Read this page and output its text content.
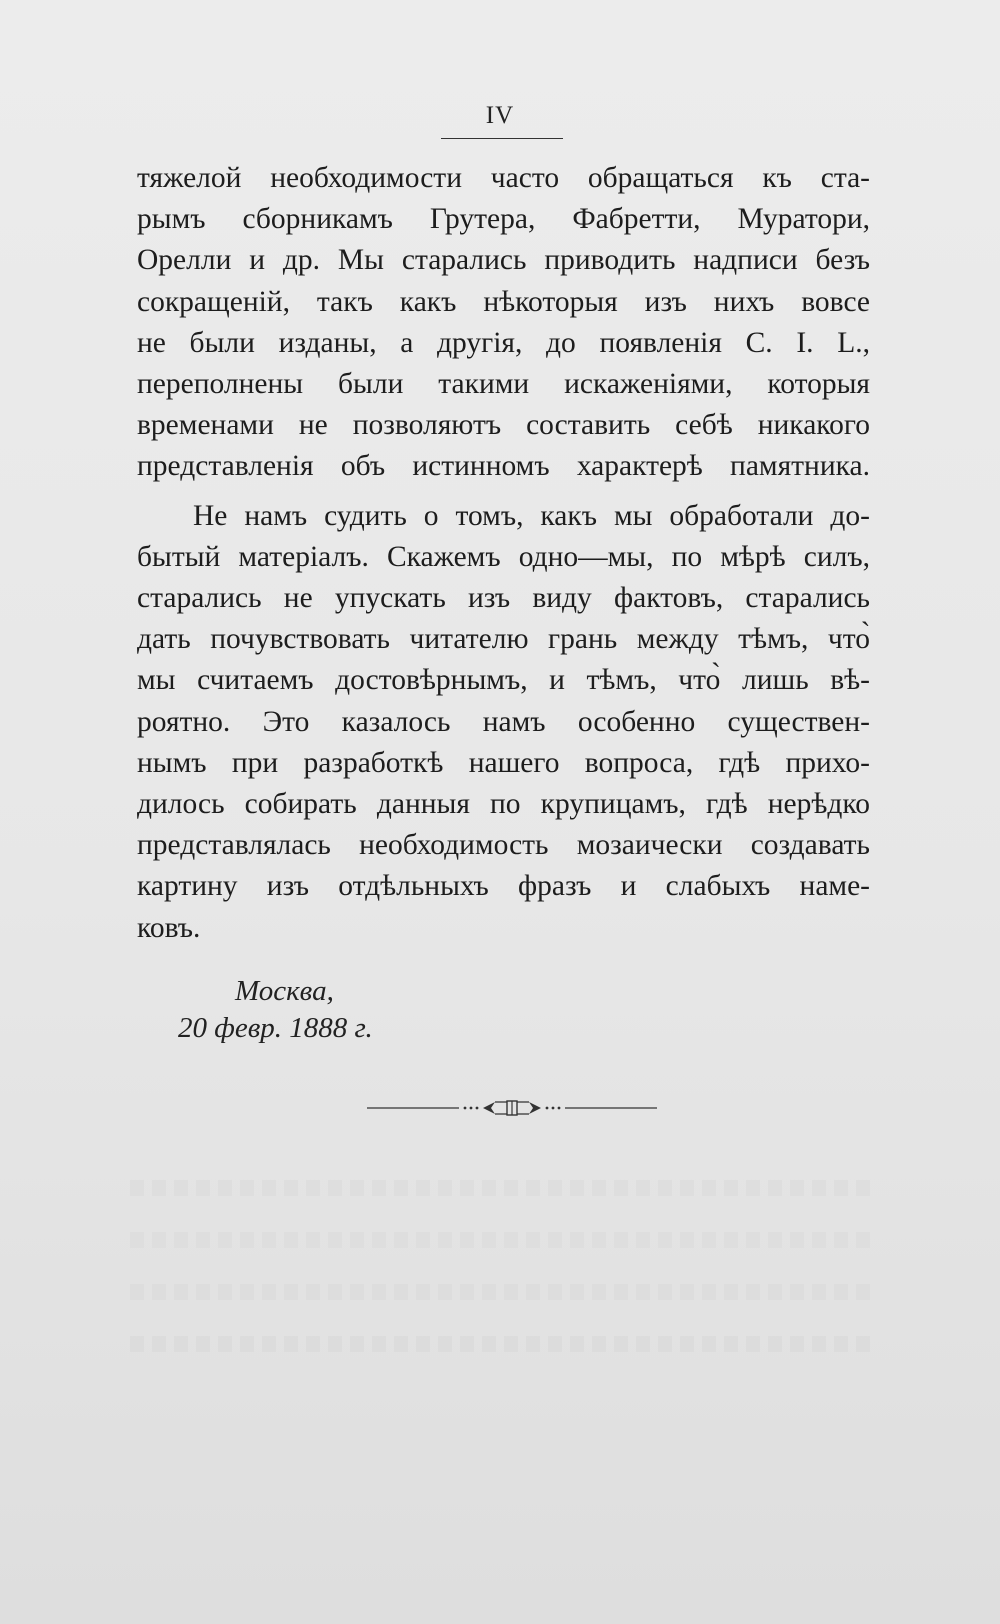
IV

тяжелой необходимости часто обращаться къ ста-
рымъ сборникамъ Грутера, Фабретти, Муратори,
Орелли и др. Мы старались приводить надписи безъ
сокращеній, такъ какъ нѣкоторыя изъ нихъ вовсе
не были изданы, а другія, до появленія С. I. L.,
переполнены были такими искаженіями, которыя
временами не позволяютъ составить себѣ никакого
представленія объ истинномъ характерѣ памятника.

Не намъ судить о томъ, какъ мы обработали до-
бытый матеріалъ. Скажемъ одно—мы, по мѣрѣ силъ,
старались не упускать изъ виду фактовъ, старались
дать почувствовать читателю грань между тѣмъ, что̀
мы считаемъ достовѣрнымъ, и тѣмъ, что̀ лишь вѣ-
роятно. Это казалось намъ особенно существен-
нымъ при разработкѣ нашего вопроса, гдѣ прихо-
дилось собирать данныя по крупицамъ, гдѣ нерѣдко
представлялась необходимость мозаически создавать
картину изъ отдѣльныхъ фразъ и слабыхъ наме-
ковъ.

Москва,
20 февр. 1888 г.
